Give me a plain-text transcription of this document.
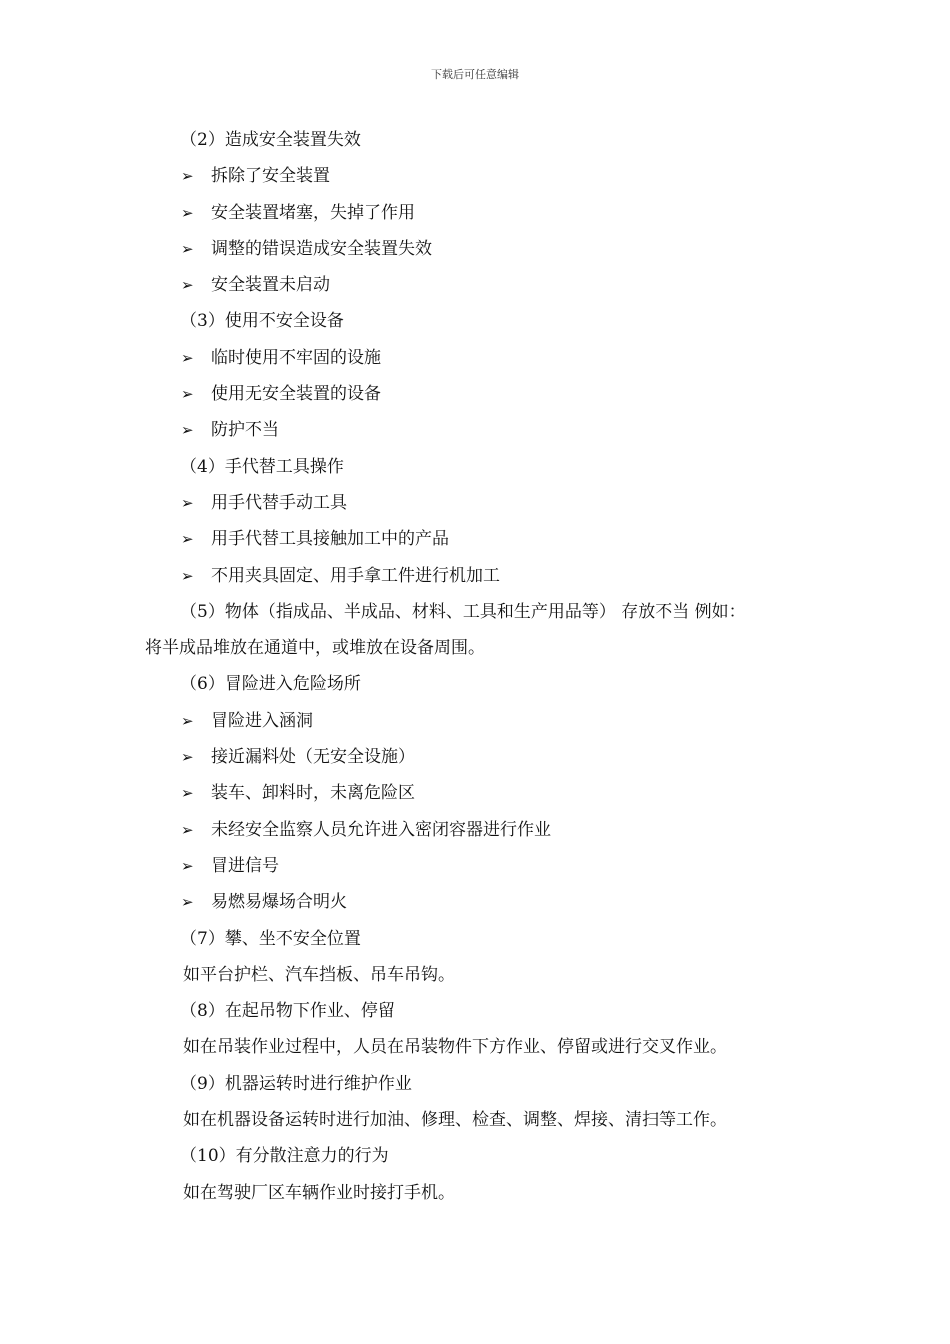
下载后可任意编辑
（2）造成安全装置失效
➢ 拆除了安全装置
➢ 安全装置堵塞，失掉了作用
➢ 调整的错误造成安全装置失效
➢ 安全装置未启动
（3）使用不安全设备
➢ 临时使用不牢固的设施
➢ 使用无安全装置的设备
➢ 防护不当
（4）手代替工具操作
➢ 用手代替手动工具
➢ 用手代替工具接触加工中的产品
➢ 不用夹具固定、用手拿工件进行机加工
（5）物体（指成品、半成品、材料、工具和生产用品等） 存放不当 例如：
将半成品堆放在通道中，或堆放在设备周围。
（6）冒险进入危险场所
➢ 冒险进入涵洞
➢ 接近漏料处（无安全设施）
➢ 装车、卸料时，未离危险区
➢ 未经安全监察人员允许进入密闭容器进行作业
➢ 冒进信号
➢ 易燃易爆场合明火
（7）攀、坐不安全位置
如平台护栏、汽车挡板、吊车吊钩。
（8）在起吊物下作业、停留
如在吊装作业过程中，人员在吊装物件下方作业、停留或进行交叉作业。
（9）机器运转时进行维护作业
如在机器设备运转时进行加油、修理、检查、调整、焊接、清扫等工作。
（10）有分散注意力的行为
如在驾驶厂区车辆作业时接打手机。
